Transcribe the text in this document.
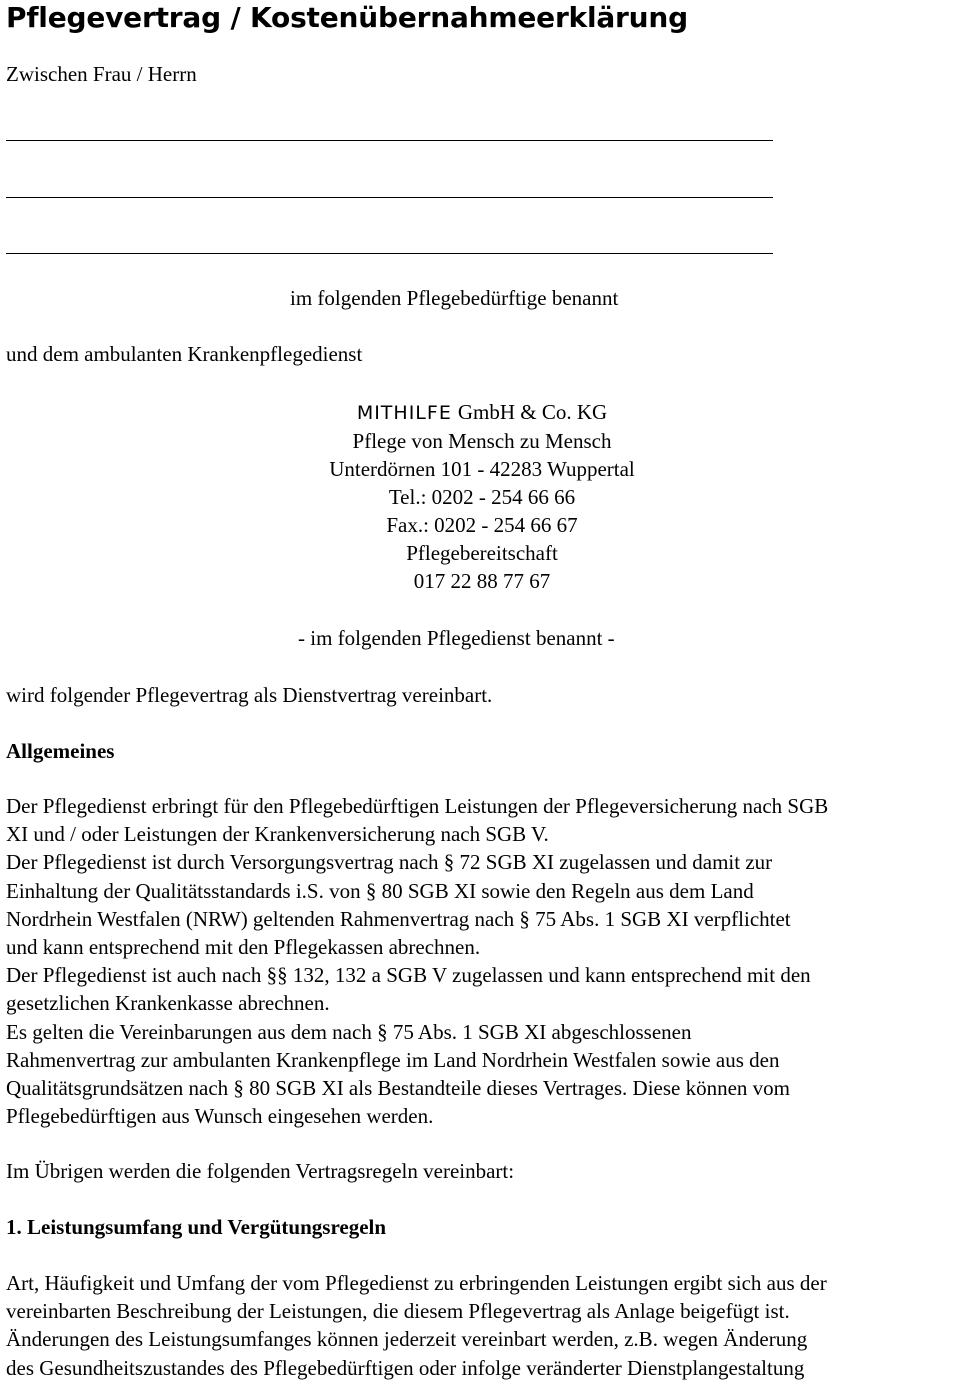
Pflegevertrag / Kostenübernahmeerklärung
Zwischen Frau / Herrn
im folgenden Pflegebedürftige benannt
und dem ambulanten Krankenpflegedienst
MITHILFE GmbH & Co. KG
Pflege von Mensch zu Mensch
Unterdörnen 101 - 42283 Wuppertal
Tel.: 0202 - 254 66 66
Fax.: 0202 - 254 66 67
Pflegebereitschaft
017 22 88 77 67
- im folgenden Pflegedienst benannt -
wird folgender Pflegevertrag als Dienstvertrag vereinbart.
Allgemeines
Der Pflegedienst erbringt für den Pflegebedürftigen Leistungen der Pflegeversicherung nach SGB
XI und / oder Leistungen der Krankenversicherung nach SGB V.
Der Pflegedienst ist durch Versorgungsvertrag nach § 72 SGB XI zugelassen und damit zur
Einhaltung der Qualitätsstandards i.S. von § 80 SGB XI sowie den Regeln aus dem Land
Nordrhein Westfalen (NRW) geltenden Rahmenvertrag nach § 75 Abs. 1 SGB XI verpflichtet
und kann entsprechend mit den Pflegekassen abrechnen.
Der Pflegedienst ist auch nach §§ 132, 132 a SGB V zugelassen und kann entsprechend mit den
gesetzlichen Krankenkasse abrechnen.
Es gelten die Vereinbarungen aus dem nach § 75 Abs. 1 SGB XI abgeschlossenen
Rahmenvertrag zur ambulanten Krankenpflege im Land Nordrhein Westfalen sowie aus den
Qualitätsgrundsätzen nach § 80 SGB XI als Bestandteile dieses Vertrages. Diese können vom
Pflegebedürftigen aus Wunsch eingesehen werden.
Im Übrigen werden die folgenden Vertragsregeln vereinbart:
1. Leistungsumfang und Vergütungsregeln
Art, Häufigkeit und Umfang der vom Pflegedienst zu erbringenden Leistungen ergibt sich aus der
vereinbarten Beschreibung der Leistungen, die diesem Pflegevertrag als Anlage beigefügt ist.
Änderungen des Leistungsumfanges können jederzeit vereinbart werden, z.B. wegen Änderung
des Gesundheitszustandes des Pflegebedürftigen oder infolge veränderter Dienstplangestaltung
